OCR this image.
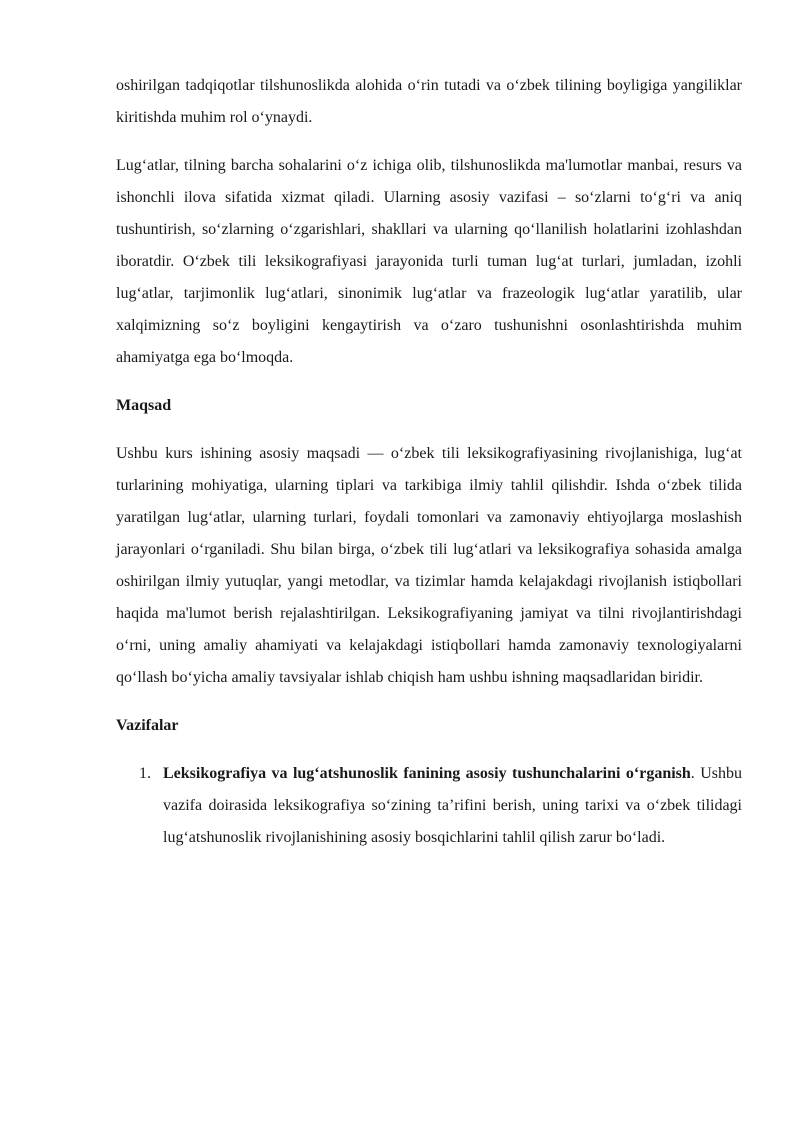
oshirilgan tadqiqotlar tilshunoslikda alohida o‘rin tutadi va o‘zbek tilining boyligiga yangiliklar kiritishda muhim rol o‘ynaydi.

Lug‘atlar, tilning barcha sohalarini o‘z ichiga olib, tilshunoslikda ma'lumotlar manbai, resurs va ishonchli ilova sifatida xizmat qiladi. Ularning asosiy vazifasi – so‘zlarni to‘g‘ri va aniq tushuntirish, so‘zlarning o‘zgarishlari, shakllari va ularning qo‘llanilish holatlarini izohlashdan iboratdir. O‘zbek tili leksikografiyasi jarayonida turli tuman lug‘at turlari, jumladan, izohli lug‘atlar, tarjimonlik lug‘atlari, sinonimik lug‘atlar va frazeologik lug‘atlar yaratilib, ular xalqimizning so‘z boyligini kengaytirish va o‘zaro tushunishni osonlashtirishda muhim ahamiyatga ega bo‘lmoqda.

Maqsad

Ushbu kurs ishining asosiy maqsadi — o‘zbek tili leksikografiyasining rivojlanishiga, lug‘at turlarining mohiyatiga, ularning tiplari va tarkibiga ilmiy tahlil qilishdir. Ishda o‘zbek tilida yaratilgan lug‘atlar, ularning turlari, foydali tomonlari va zamonaviy ehtiyojlarga moslashish jarayonlari o‘rganiladi. Shu bilan birga, o‘zbek tili lug‘atlari va leksikografiya sohasida amalga oshirilgan ilmiy yutuqlar, yangi metodlar, va tizimlar hamda kelajakdagi rivojlanish istiqbollari haqida ma'lumot berish rejalashtirilgan. Leksikografiyaning jamiyat va tilni rivojlantirishdagi o‘rni, uning amaliy ahamiyati va kelajakdagi istiqbollari hamda zamonaviy texnologiyalarni qo‘llash bo‘yicha amaliy tavsiyalar ishlab chiqish ham ushbu ishning maqsadlaridan biridir.

Vazifalar

1. Leksikografiya va lug‘atshunoslik fanining asosiy tushunchalarini o‘rganish. Ushbu vazifa doirasida leksikografiya so‘zining ta’rifini berish, uning tarixi va o‘zbek tilidagi lug‘atshunoslik rivojlanishining asosiy bosqichlarini tahlil qilish zarur bo‘ladi.
